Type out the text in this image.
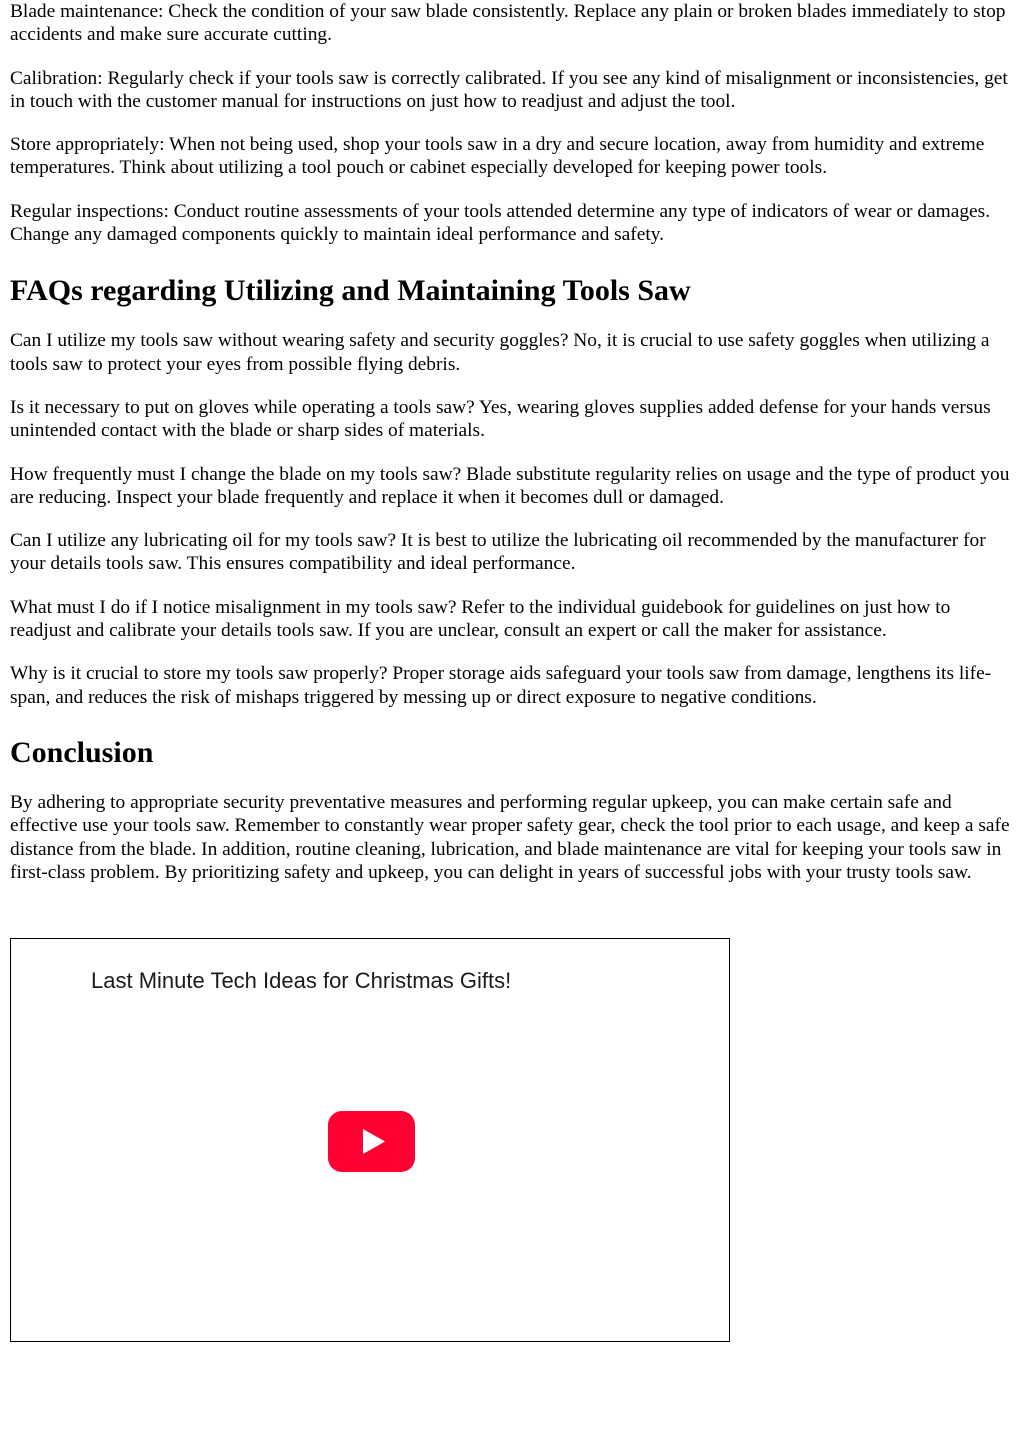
Blade maintenance: Check the condition of your saw blade consistently. Replace any plain or broken blades immediately to stop accidents and make sure accurate cutting.

Calibration: Regularly check if your tools saw is correctly calibrated. If you see any kind of misalignment or inconsistencies, get in touch with the customer manual for instructions on just how to readjust and adjust the tool.

Store appropriately: When not being used, shop your tools saw in a dry and secure location, away from humidity and extreme temperatures. Think about utilizing a tool pouch or cabinet especially developed for keeping power tools.

Regular inspections: Conduct routine assessments of your tools attended determine any type of indicators of wear or damages. Change any damaged components quickly to maintain ideal performance and safety.

FAQs regarding Utilizing and Maintaining Tools Saw

Can I utilize my tools saw without wearing safety and security goggles? No, it is crucial to use safety goggles when utilizing a tools saw to protect your eyes from possible flying debris.

Is it necessary to put on gloves while operating a tools saw? Yes, wearing gloves supplies added defense for your hands versus unintended contact with the blade or sharp sides of materials.

How frequently must I change the blade on my tools saw? Blade substitute regularity relies on usage and the type of product you are reducing. Inspect your blade frequently and replace it when it becomes dull or damaged.

Can I utilize any lubricating oil for my tools saw? It is best to utilize the lubricating oil recommended by the manufacturer for your details tools saw. This ensures compatibility and ideal performance.

What must I do if I notice misalignment in my tools saw? Refer to the individual guidebook for guidelines on just how to readjust and calibrate your details tools saw. If you are unclear, consult an expert or call the maker for assistance.

Why is it crucial to store my tools saw properly? Proper storage aids safeguard your tools saw from damage, lengthens its life-span, and reduces the risk of mishaps triggered by messing up or direct exposure to negative conditions.

Conclusion

By adhering to appropriate security preventative measures and performing regular upkeep, you can make certain safe and effective use your tools saw. Remember to constantly wear proper safety gear, check the tool prior to each usage, and keep a safe distance from the blade. In addition, routine cleaning, lubrication, and blade maintenance are vital for keeping your tools saw in first-class problem. By prioritizing safety and upkeep, you can delight in years of successful jobs with your trusty tools saw.

Last Minute Tech Ideas for Christmas Gifts!
